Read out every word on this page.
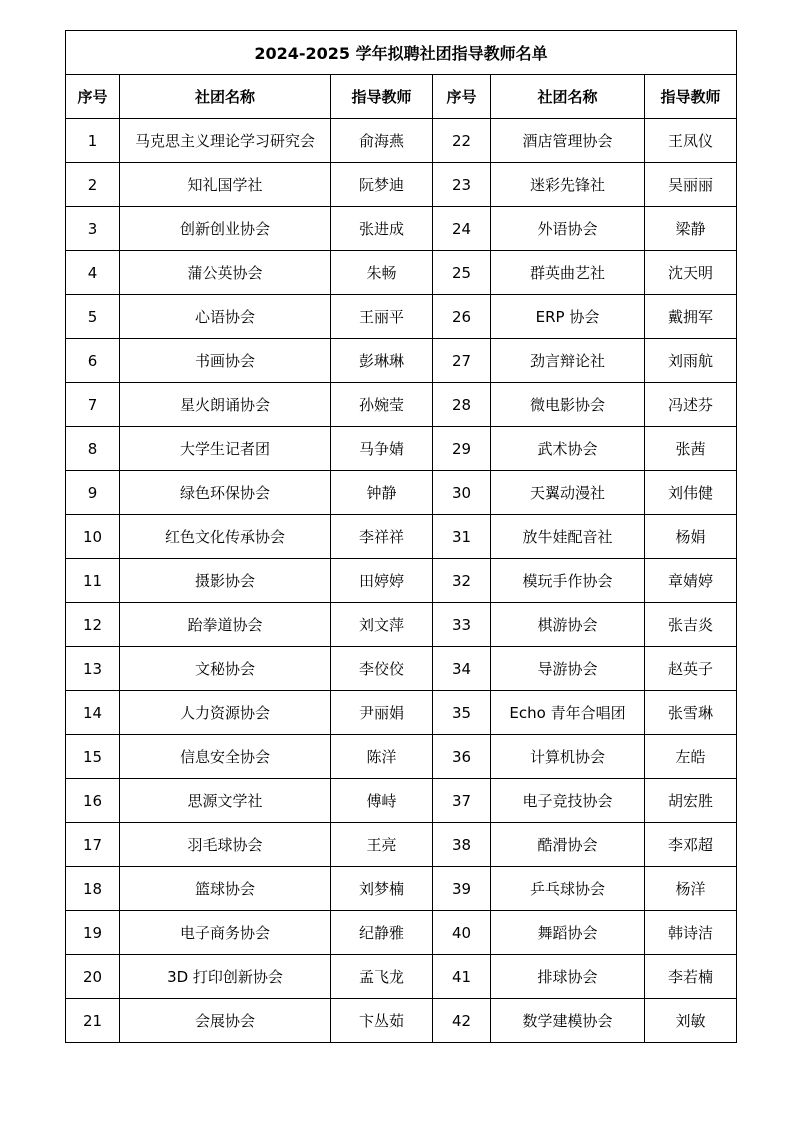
2024-2025 学年拟聘社团指导教师名单					
序号	社团名称	指导教师	序号	社团名称	指导教师
1	马克思主义理论学习研究会	俞海燕	22	酒店管理协会	王凤仪
2	知礼国学社	阮梦迪	23	迷彩先锋社	吴丽丽
3	创新创业协会	张进成	24	外语协会	梁静
4	蒲公英协会	朱畅	25	群英曲艺社	沈天明
5	心语协会	王丽平	26	ERP 协会	戴拥军
6	书画协会	彭琳琳	27	劲言辩论社	刘雨航
7	星火朗诵协会	孙婉莹	28	微电影协会	冯述芬
8	大学生记者团	马争婧	29	武术协会	张茜
9	绿色环保协会	钟静	30	天翼动漫社	刘伟健
10	红色文化传承协会	李祥祥	31	放牛娃配音社	杨娟
11	摄影协会	田婷婷	32	模玩手作协会	章婧婷
12	跆拳道协会	刘文萍	33	棋游协会	张吉炎
13	文秘协会	李佼佼	34	导游协会	赵英子
14	人力资源协会	尹丽娟	35	Echo 青年合唱团	张雪琳
15	信息安全协会	陈洋	36	计算机协会	左皓
16	思源文学社	傅峙	37	电子竞技协会	胡宏胜
17	羽毛球协会	王亮	38	酷滑协会	李邓超
18	篮球协会	刘梦楠	39	乒乓球协会	杨洋
19	电子商务协会	纪静雅	40	舞蹈协会	韩诗洁
20	3D 打印创新协会	孟飞龙	41	排球协会	李若楠
21	会展协会	卞丛茹	42	数学建模协会	刘敏
